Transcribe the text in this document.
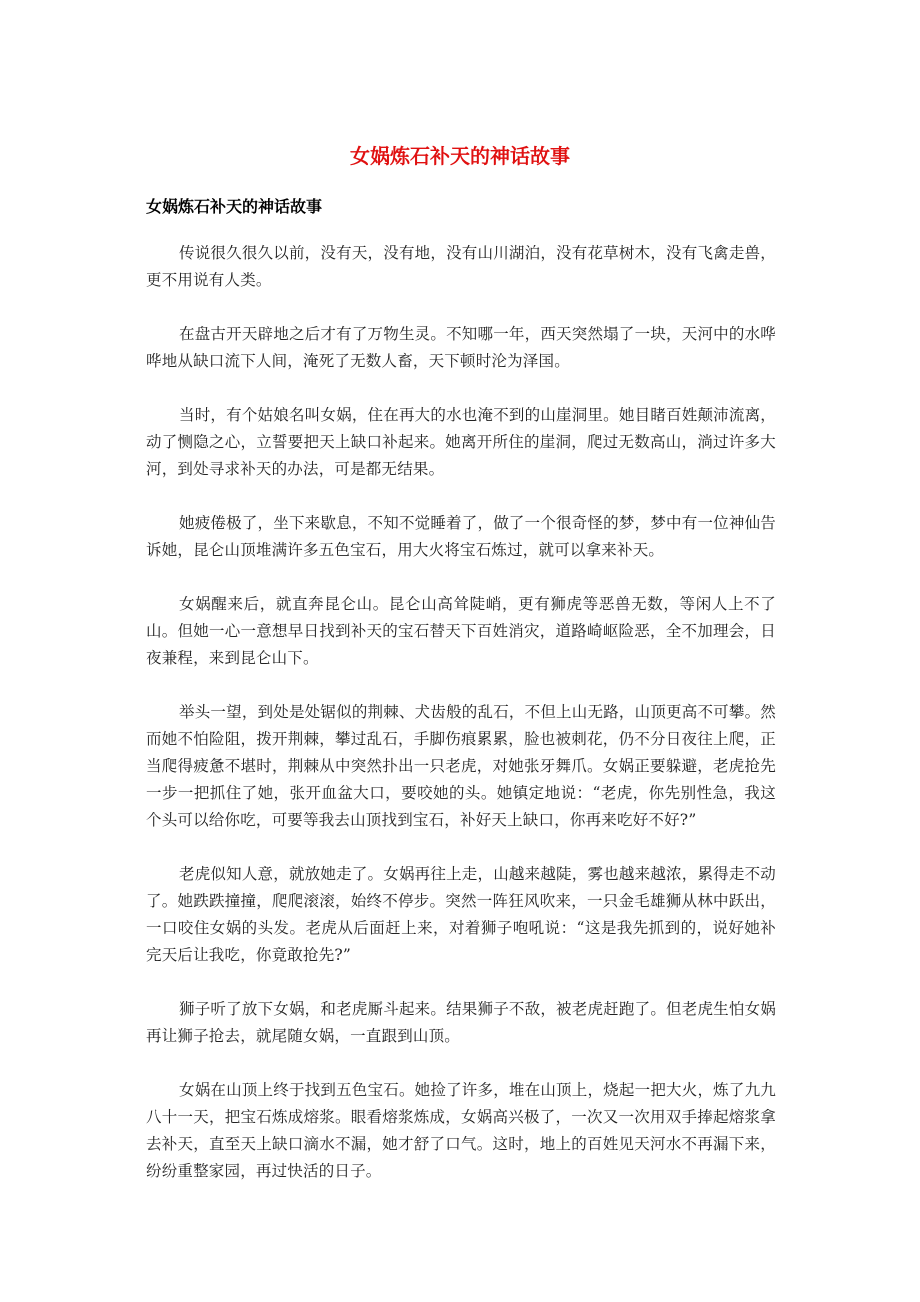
女娲炼石补天的神话故事
女娲炼石补天的神话故事

传说很久很久以前，没有天，没有地，没有山川湖泊，没有花草树木，没有飞禽走兽，更不用说有人类。

在盘古开天辟地之后才有了万物生灵。不知哪一年，西天突然塌了一块，天河中的水哗哗地从缺口流下人间，淹死了无数人畜，天下顿时沦为泽国。

当时，有个姑娘名叫女娲，住在再大的水也淹不到的山崖洞里。她目睹百姓颠沛流离，动了恻隐之心，立誓要把天上缺口补起来。她离开所住的崖洞，爬过无数高山，淌过许多大河，到处寻求补天的办法，可是都无结果。

她疲倦极了，坐下来歇息，不知不觉睡着了，做了一个很奇怪的梦，梦中有一位神仙告诉她，昆仑山顶堆满许多五色宝石，用大火将宝石炼过，就可以拿来补天。

女娲醒来后，就直奔昆仑山。昆仑山高耸陡峭，更有狮虎等恶兽无数，等闲人上不了山。但她一心一意想早日找到补天的宝石替天下百姓消灾，道路崎岖险恶，全不加理会，日夜兼程，来到昆仑山下。

举头一望，到处是处锯似的荆棘、犬齿般的乱石，不但上山无路，山顶更高不可攀。然而她不怕险阻，拨开荆棘，攀过乱石，手脚伤痕累累，脸也被刺花，仍不分日夜往上爬，正当爬得疲惫不堪时，荆棘从中突然扑出一只老虎，对她张牙舞爪。女娲正要躲避，老虎抢先一步一把抓住了她，张开血盆大口，要咬她的头。她镇定地说：“老虎，你先别性急，我这个头可以给你吃，可要等我去山顶找到宝石，补好天上缺口，你再来吃好不好?”

老虎似知人意，就放她走了。女娲再往上走，山越来越陡，雾也越来越浓，累得走不动了。她跌跌撞撞，爬爬滚滚，始终不停步。突然一阵狂风吹来，一只金毛雄狮从林中跃出，一口咬住女娲的头发。老虎从后面赶上来，对着狮子咆吼说：“这是我先抓到的，说好她补完天后让我吃，你竟敢抢先?”

狮子听了放下女娲，和老虎厮斗起来。结果狮子不敌，被老虎赶跑了。但老虎生怕女娲再让狮子抢去，就尾随女娲，一直跟到山顶。

女娲在山顶上终于找到五色宝石。她捡了许多，堆在山顶上，烧起一把大火，炼了九九八十一天，把宝石炼成熔浆。眼看熔浆炼成，女娲高兴极了，一次又一次用双手捧起熔浆拿去补天，直至天上缺口滴水不漏，她才舒了口气。这时，地上的百姓见天河水不再漏下来，纷纷重整家园，再过快活的日子。
